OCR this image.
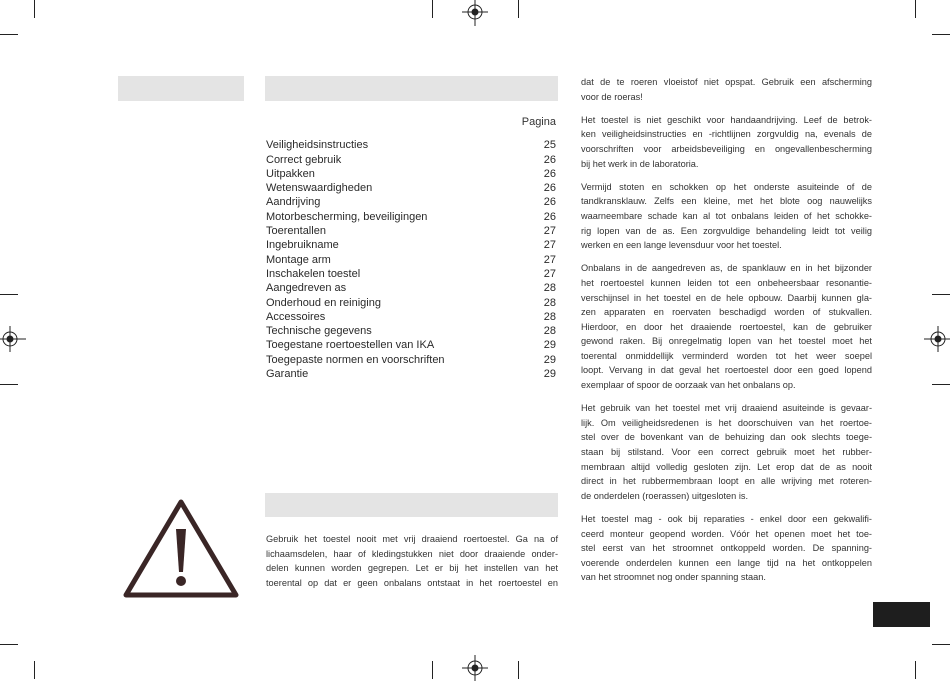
Pagina
Veiligheidsinstructies	25
Correct gebruik	26
Uitpakken	26
Wetenswaardigheden	26
Aandrijving	26
Motorbescherming, beveiligingen	26
Toerentallen	27
Ingebruikname	27
Montage arm	27
Inschakelen toestel	27
Aangedreven as	28
Onderhoud en reiniging	28
Accessoires	28
Technische gegevens	28
Toegestane roertoestellen van IKA	29
Toegepaste normen en voorschriften	29
Garantie	29
Gebruik het toestel nooit met vrij draaiend roertoestel. Ga na of
lichaamsdelen, haar of kledingstukken niet door draaiende onder-
delen kunnen worden gegrepen. Let er bij het instellen van het
toerental op dat er geen onbalans ontstaat in het roertoestel en
dat de te roeren vloeistof niet opspat. Gebruik een afscherming
voor de roeras!
Het toestel is niet geschikt voor handaandrijving. Leef de betrok-
ken veiligheidsinstructies en -richtlijnen zorgvuldig na, evenals de
voorschriften voor arbeidsbeveiliging en ongevallenbescherming
bij het werk in de laboratoria.
Vermijd stoten en schokken op het onderste asuiteinde of de
tandkransklauw. Zelfs een kleine, met het blote oog nauwelijks
waarneembare schade kan al tot onbalans leiden of het schokke-
rig lopen van de as. Een zorgvuldige behandeling leidt tot veilig
werken en een lange levensduur voor het toestel.
Onbalans in de aangedreven as, de spanklauw en in het bijzonder
het roertoestel kunnen leiden tot een onbeheersbaar resonantie-
verschijnsel in het toestel en de hele opbouw. Daarbij kunnen gla-
zen apparaten en roervaten beschadigd worden of stukvallen.
Hierdoor, en door het draaiende roertoestel, kan de gebruiker
gewond raken. Bij onregelmatig lopen van het toestel moet het
toerental onmiddellijk verminderd worden tot het weer soepel
loopt. Vervang in dat geval het roertoestel door een goed lopend
exemplaar of spoor de oorzaak van het onbalans op.
Het gebruik van het toestel met vrij draaiend asuiteinde is gevaar-
lijk. Om veiligheidsredenen is het doorschuiven van het roertoe-
stel over de bovenkant van de behuizing dan ook slechts toege-
staan bij stilstand. Voor een correct gebruik moet het rubber-
membraan altijd volledig gesloten zijn. Let erop dat de as nooit
direct in het rubbermembraan loopt en alle wrijving met roteren-
de onderdelen (roerassen) uitgesloten is.
Het toestel mag - ook bij reparaties - enkel door een gekwalifi-
ceerd monteur geopend worden. Vóór het openen moet het toe-
stel eerst van het stroomnet ontkoppeld worden. De spanning-
voerende onderdelen kunnen een lange tijd na het ontkoppelen
van het stroomnet nog onder spanning staan.
